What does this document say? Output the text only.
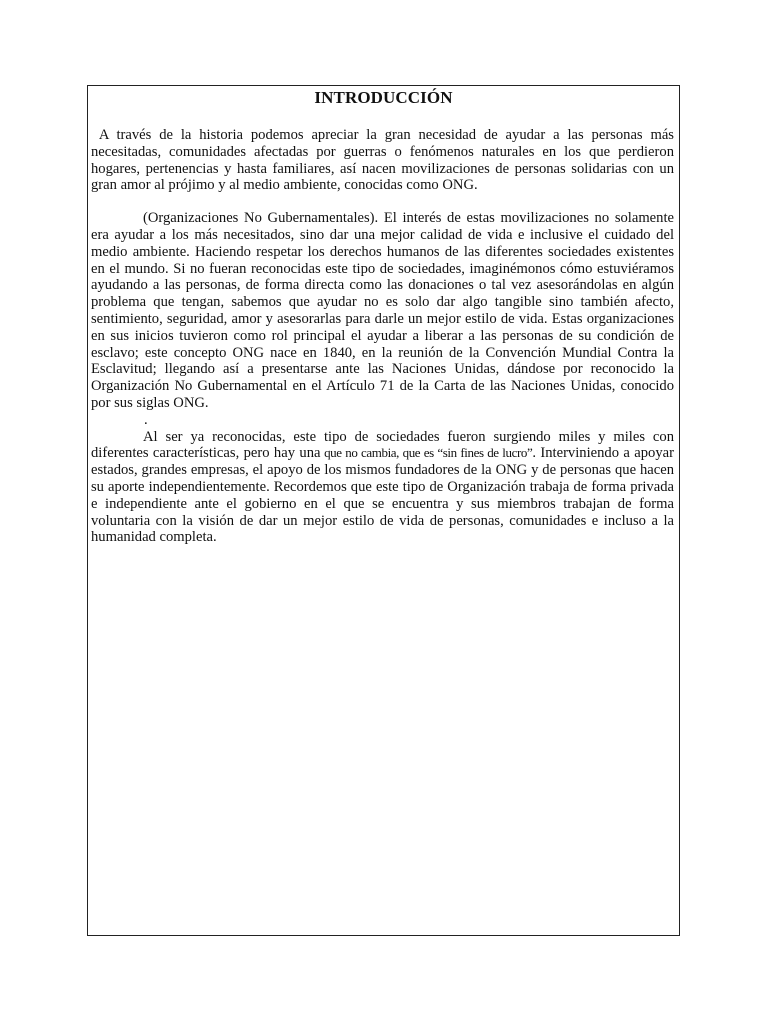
INTRODUCCIÓN

A través de la historia podemos apreciar la gran necesidad de ayudar a las personas más necesitadas, comunidades afectadas por guerras o fenómenos naturales en los que perdieron hogares, pertenencias y hasta familiares, así nacen movilizaciones de personas solidarias con un gran amor al prójimo y al medio ambiente, conocidas como ONG.

(Organizaciones No Gubernamentales). El interés de estas movilizaciones no solamente era ayudar a los más necesitados, sino dar una mejor calidad de vida e inclusive el cuidado del medio ambiente. Haciendo respetar los derechos humanos de las diferentes sociedades existentes en el mundo. Si no fueran reconocidas este tipo de sociedades, imaginémonos cómo estuviéramos ayudando a las personas, de forma directa como las donaciones o tal vez asesorándolas en algún problema que tengan, sabemos que ayudar no es solo dar algo tangible sino también afecto, sentimiento, seguridad, amor y asesorarlas para darle un mejor estilo de vida. Estas organizaciones en sus inicios tuvieron como rol principal el ayudar a liberar a las personas de su condición de esclavo; este concepto ONG nace en 1840, en la reunión de la Convención Mundial Contra la Esclavitud; llegando así a presentarse ante las Naciones Unidas, dándose por reconocido la Organización No Gubernamental en el Artículo 71 de la Carta de las Naciones Unidas, conocido por sus siglas ONG.

.

Al ser ya reconocidas, este tipo de sociedades fueron surgiendo miles y miles con diferentes características, pero hay una que no cambia, que es “sin fines de lucro”. Interviniendo a apoyar estados, grandes empresas, el apoyo de los mismos fundadores de la ONG y de personas que hacen su aporte independientemente. Recordemos que este tipo de Organización trabaja de forma privada e independiente ante el gobierno en el que se encuentra y sus miembros trabajan de forma voluntaria con la visión de dar un mejor estilo de vida de personas, comunidades e incluso a la humanidad completa.
